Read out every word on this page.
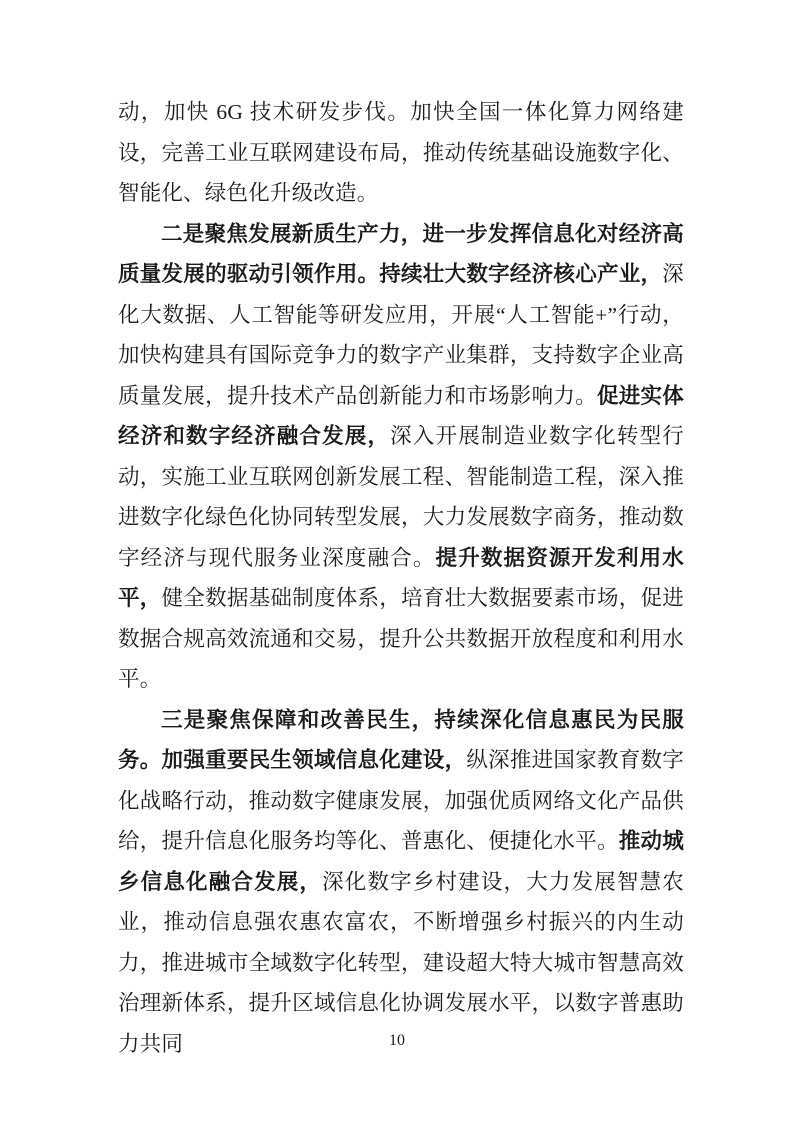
动，加快 6G 技术研发步伐。加快全国一体化算力网络建设，完善工业互联网建设布局，推动传统基础设施数字化、智能化、绿色化升级改造。

二是聚焦发展新质生产力，进一步发挥信息化对经济高质量发展的驱动引领作用。持续壮大数字经济核心产业，深化大数据、人工智能等研发应用，开展“人工智能+”行动，加快构建具有国际竞争力的数字产业集群，支持数字企业高质量发展，提升技术产品创新能力和市场影响力。促进实体经济和数字经济融合发展，深入开展制造业数字化转型行动，实施工业互联网创新发展工程、智能制造工程，深入推进数字化绿色化协同转型发展，大力发展数字商务，推动数字经济与现代服务业深度融合。提升数据资源开发利用水平，健全数据基础制度体系，培育壮大数据要素市场，促进数据合规高效流通和交易，提升公共数据开放程度和利用水平。

三是聚焦保障和改善民生，持续深化信息惠民为民服务。加强重要民生领域信息化建设，纵深推进国家教育数字化战略行动，推动数字健康发展，加强优质网络文化产品供给，提升信息化服务均等化、普惠化、便捷化水平。推动城乡信息化融合发展，深化数字乡村建设，大力发展智慧农业，推动信息强农惠农富农，不断增强乡村振兴的内生动力，推进城市全域数字化转型，建设超大特大城市智慧高效治理新体系，提升区域信息化协调发展水平，以数字普惠助力共同	10
